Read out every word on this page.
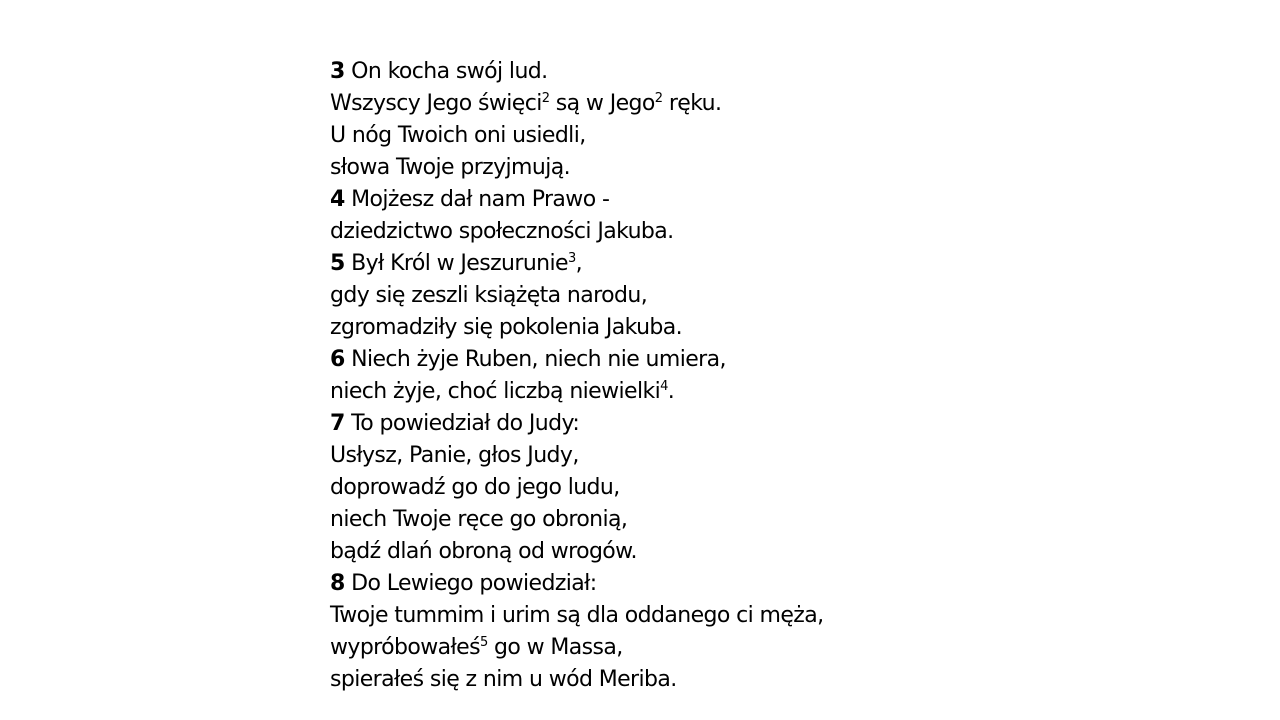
3 On kocha swój lud.
Wszyscy Jego święci$^2$ są w Jego$^2$ ręku.
U nóg Twoich oni usiedli,
słowa Twoje przyjmują.
4 Mojżesz dał nam Prawo -
dziedzictwo społeczności Jakuba.
5 Był Król w Jeszurunie$^3$,
gdy się zeszli książęta narodu,
zgromadziły się pokolenia Jakuba.
6 Niech żyje Ruben, niech nie umiera,
niech żyje, choć liczbą niewielki$^4$.
7 To powiedział do Judy:
Usłysz, Panie, głos Judy,
doprowadź go do jego ludu,
niech Twoje ręce go obronią,
bądź dlań obroną od wrogów.
8 Do Lewiego powiedział:
Twoje tummim i urim są dla oddanego ci męża,
wypróbowałeś$^5$ go w Massa,
spierałeś się z nim u wód Meriba.
